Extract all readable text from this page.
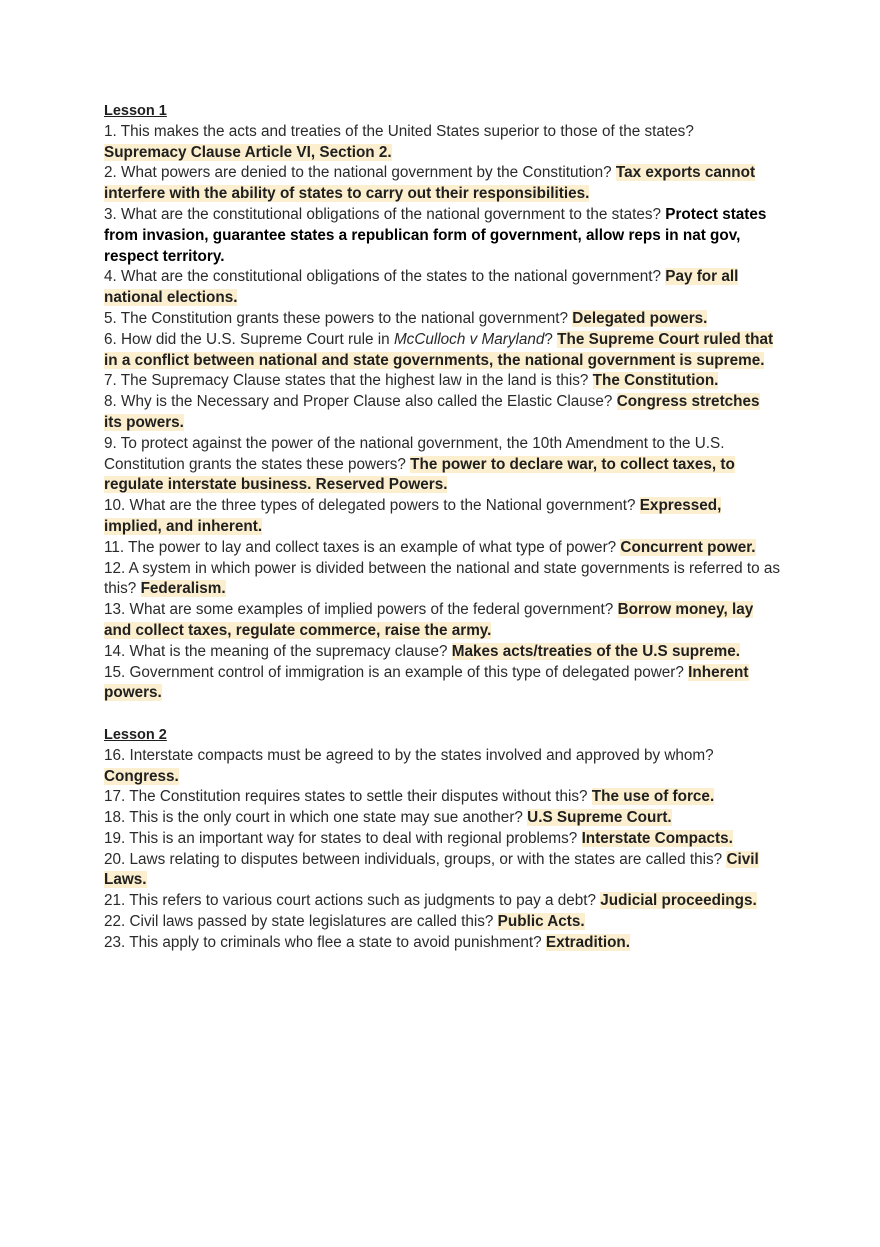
Lesson 1

1. This makes the acts and treaties of the United States superior to those of the states? Supremacy Clause Article VI, Section 2.

2. What powers are denied to the national government by the Constitution? Tax exports cannot interfere with the ability of states to carry out their responsibilities.

3. What are the constitutional obligations of the national government to the states? Protect states from invasion, guarantee states a republican form of government, allow reps in nat gov, respect territory.

4. What are the constitutional obligations of the states to the national government? Pay for all national elections.

5. The Constitution grants these powers to the national government? Delegated powers.

6. How did the U.S. Supreme Court rule in McCulloch v Maryland? The Supreme Court ruled that in a conflict between national and state governments, the national government is supreme.

7. The Supremacy Clause states that the highest law in the land is this? The Constitution.

8. Why is the Necessary and Proper Clause also called the Elastic Clause? Congress stretches its powers.

9. To protect against the power of the national government, the 10th Amendment to the U.S. Constitution grants the states these powers? The power to declare war, to collect taxes, to regulate interstate business. Reserved Powers.

10. What are the three types of delegated powers to the National government? Expressed, implied, and inherent.

11. The power to lay and collect taxes is an example of what type of power? Concurrent power.

12. A system in which power is divided between the national and state governments is referred to as this? Federalism.

13. What are some examples of implied powers of the federal government? Borrow money, lay and collect taxes, regulate commerce, raise the army.

14. What is the meaning of the supremacy clause? Makes acts/treaties of the U.S supreme.

15. Government control of immigration is an example of this type of delegated power? Inherent powers.

Lesson 2

16. Interstate compacts must be agreed to by the states involved and approved by whom? Congress.

17. The Constitution requires states to settle their disputes without this? The use of force.

18. This is the only court in which one state may sue another? U.S Supreme Court.

19. This is an important way for states to deal with regional problems? Interstate Compacts.

20. Laws relating to disputes between individuals, groups, or with the states are called this? Civil Laws.

21. This refers to various court actions such as judgments to pay a debt? Judicial proceedings.

22. Civil laws passed by state legislatures are called this? Public Acts.

23. This apply to criminals who flee a state to avoid punishment? Extradition.
